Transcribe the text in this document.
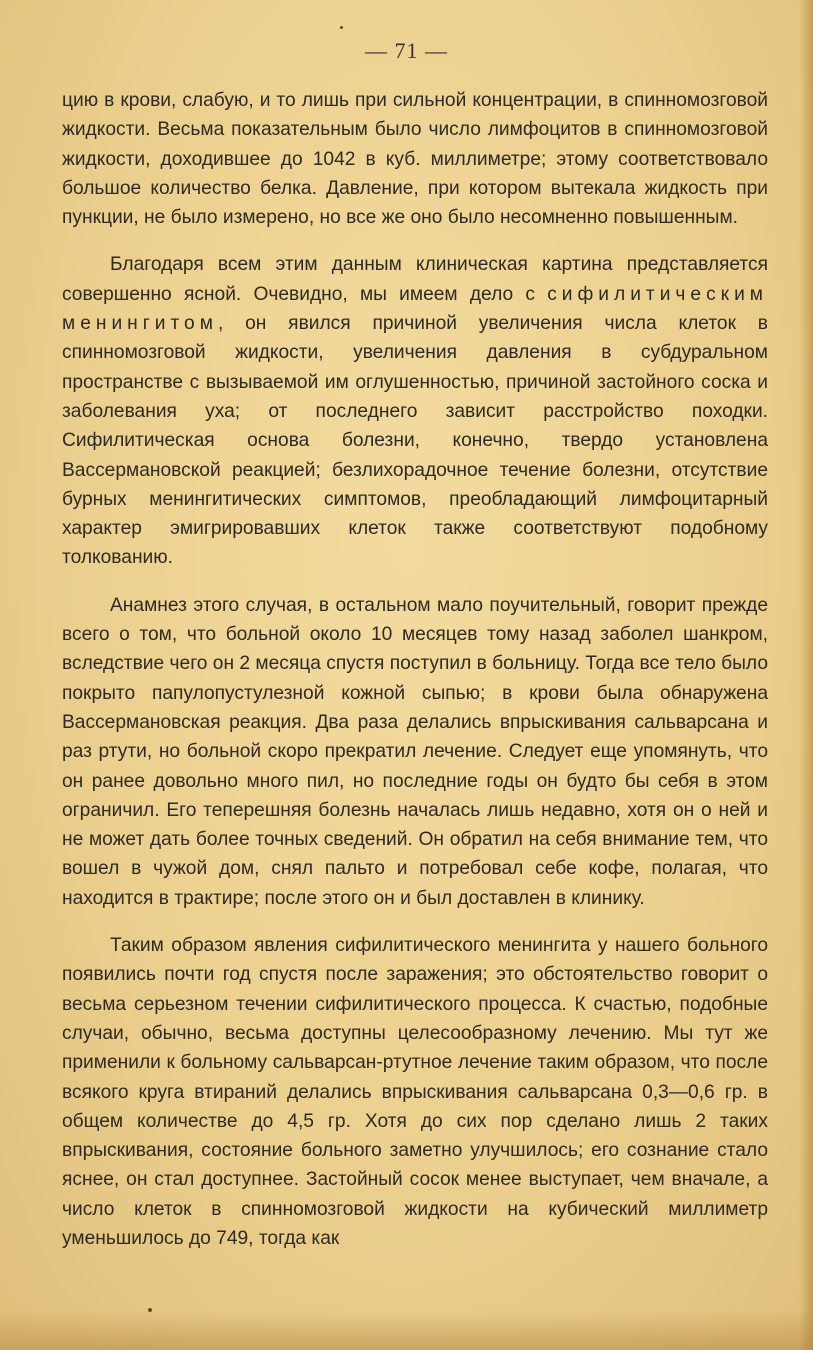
— 71 —

цию в крови, слабую, и то лишь при сильной концентрации, в спинномозговой жидкости. Весьма показательным было число лимфоцитов в спинномозговой жидкости, доходившее до 1042 в куб. миллиметре; этому соответствовало большое количество белка. Давление, при котором вытекала жидкость при пункции, не было измерено, но все же оно было несомненно повышенным.

Благодаря всем этим данным клиническая картина представляется совершенно ясной. Очевидно, мы имеем дело с сифилитическим менингитом, он явился причиной увеличения числа клеток в спинномозговой жидкости, увеличения давления в субдуральном пространстве с вызываемой им оглушенностью, причиной застойного соска и заболевания уха; от последнего зависит расстройство походки. Сифилитическая основа болезни, конечно, твердо установлена Вассермановской реакцией; безлихорадочное течение болезни, отсутствие бурных менингитических симптомов, преобладающий лимфоцитарный характер эмигрировавших клеток также соответствуют подобному толкованию.

Анамнез этого случая, в остальном мало поучительный, говорит прежде всего о том, что больной около 10 месяцев тому назад заболел шанкром, вследствие чего он 2 месяца спустя поступил в больницу. Тогда все тело было покрыто папулопустулезной кожной сыпью; в крови была обнаружена Вассермановская реакция. Два раза делались впрыскивания сальварсана и раз ртути, но больной скоро прекратил лечение. Следует еще упомянуть, что он ранее довольно много пил, но последние годы он будто бы себя в этом ограничил. Его теперешняя болезнь началась лишь недавно, хотя он о ней и не может дать более точных сведений. Он обратил на себя внимание тем, что вошел в чужой дом, снял пальто и потребовал себе кофе, полагая, что находится в трактире; после этого он и был доставлен в клинику.

Таким образом явления сифилитического менингита у нашего больного появились почти год спустя после заражения; это обстоятельство говорит о весьма серьезном течении сифилитического процесса. К счастью, подобные случаи, обычно, весьма доступны целесообразному лечению. Мы тут же применили к больному сальварсан-ртутное лечение таким образом, что после всякого круга втираний делались впрыскивания сальварсана 0,3—0,6 гр. в общем количестве до 4,5 гр. Хотя до сих пор сделано лишь 2 таких впрыскивания, состояние больного заметно улучшилось; его сознание стало яснее, он стал доступнее. Застойный сосок менее выступает, чем вначале, а число клеток в спинномозговой жидкости на кубический миллиметр уменьшилось до 749, тогда как
